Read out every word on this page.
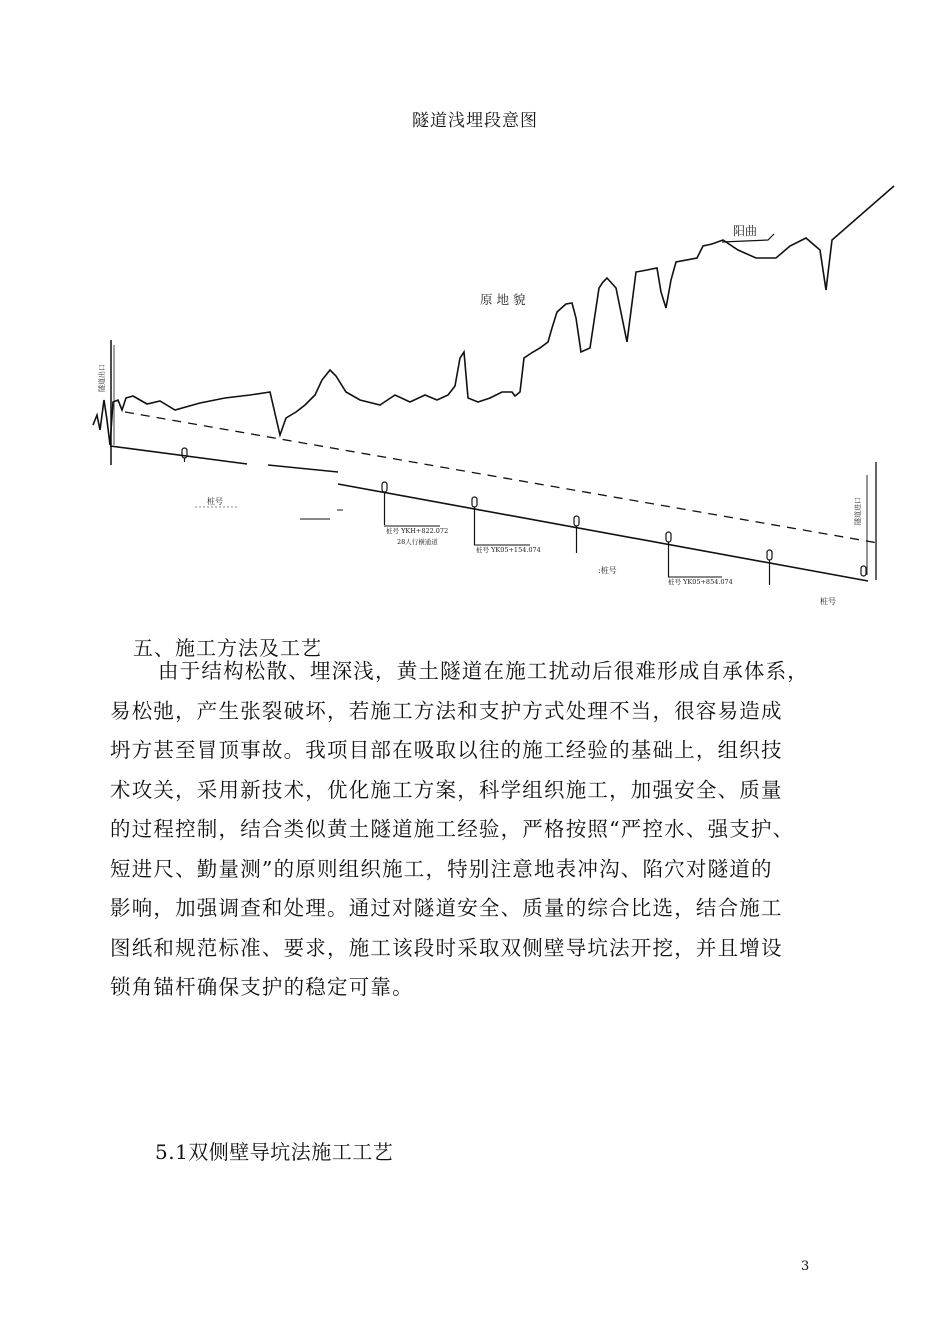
隧道浅埋段意图
原 地 貌
阳曲
桩号
桩号 YKH+822.072
28人行横通道
桩号 YK05+154.074
:桩号
桩号 YK05+854.074
桩号
隧道出口
隧道进口
五、施工方法及工艺
由于结构松散、埋深浅，黄土隧道在施工扰动后很难形成自承体系，
易松弛，产生张裂破坏，若施工方法和支护方式处理不当，很容易造成
坍方甚至冒顶事故。我项目部在吸取以往的施工经验的基础上，组织技
术攻关，采用新技术，优化施工方案，科学组织施工，加强安全、质量
的过程控制，结合类似黄土隧道施工经验，严格按照“严控水、强支护、
短进尺、勤量测”的原则组织施工，特别注意地表冲沟、陷穴对隧道的
影响，加强调查和处理。通过对隧道安全、质量的综合比选，结合施工
图纸和规范标准、要求，施工该段时采取双侧壁导坑法开挖，并且增设
锁角锚杆确保支护的稳定可靠。
5.1双侧壁导坑法施工工艺
3
